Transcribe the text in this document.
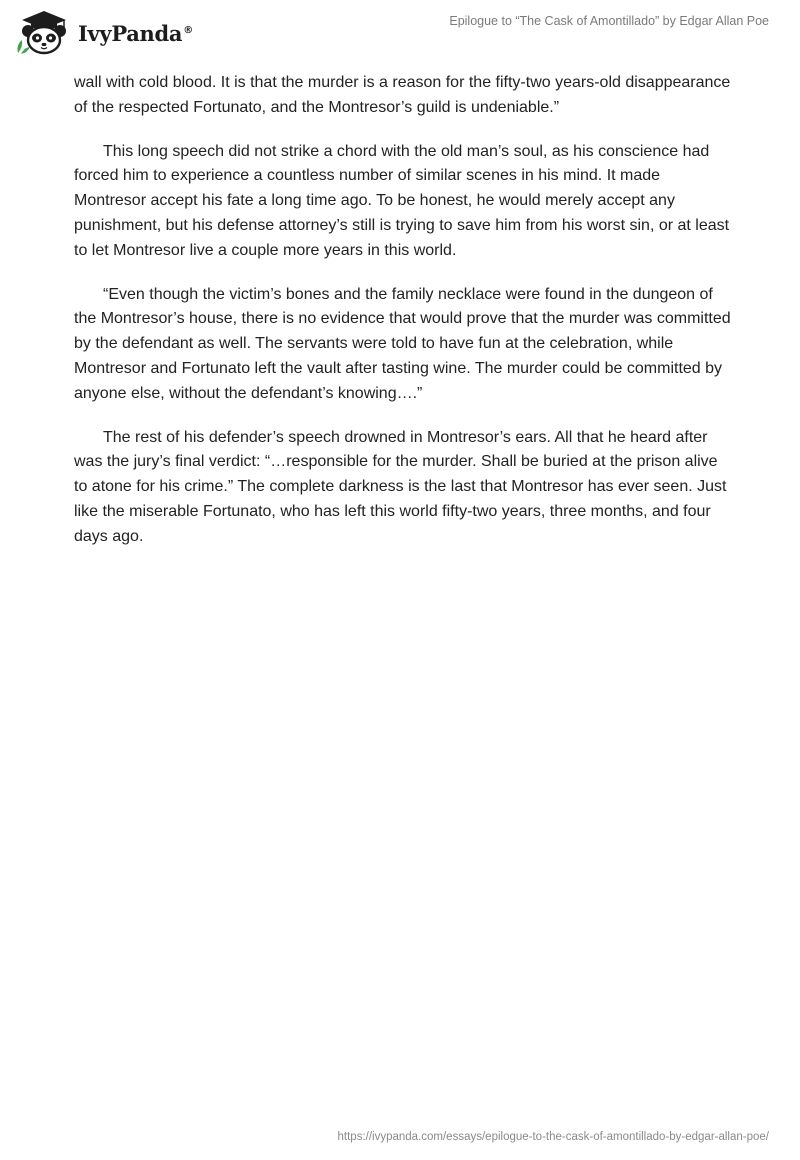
IvyPanda®
Epilogue to “The Cask of Amontillado” by Edgar Allan Poe

wall with cold blood. It is that the murder is a reason for the fifty-two years-old disappearance of the respected Fortunato, and the Montresor’s guild is undeniable.”

This long speech did not strike a chord with the old man’s soul, as his conscience had forced him to experience a countless number of similar scenes in his mind. It made Montresor accept his fate a long time ago. To be honest, he would merely accept any punishment, but his defense attorney’s still is trying to save him from his worst sin, or at least to let Montresor live a couple more years in this world.

“Even though the victim’s bones and the family necklace were found in the dungeon of the Montresor’s house, there is no evidence that would prove that the murder was committed by the defendant as well. The servants were told to have fun at the celebration, while Montresor and Fortunato left the vault after tasting wine. The murder could be committed by anyone else, without the defendant’s knowing….”

The rest of his defender’s speech drowned in Montresor’s ears. All that he heard after was the jury’s final verdict: “…responsible for the murder. Shall be buried at the prison alive to atone for his crime.” The complete darkness is the last that Montresor has ever seen. Just like the miserable Fortunato, who has left this world fifty-two years, three months, and four days ago.

https://ivypanda.com/essays/epilogue-to-the-cask-of-amontillado-by-edgar-allan-poe/
